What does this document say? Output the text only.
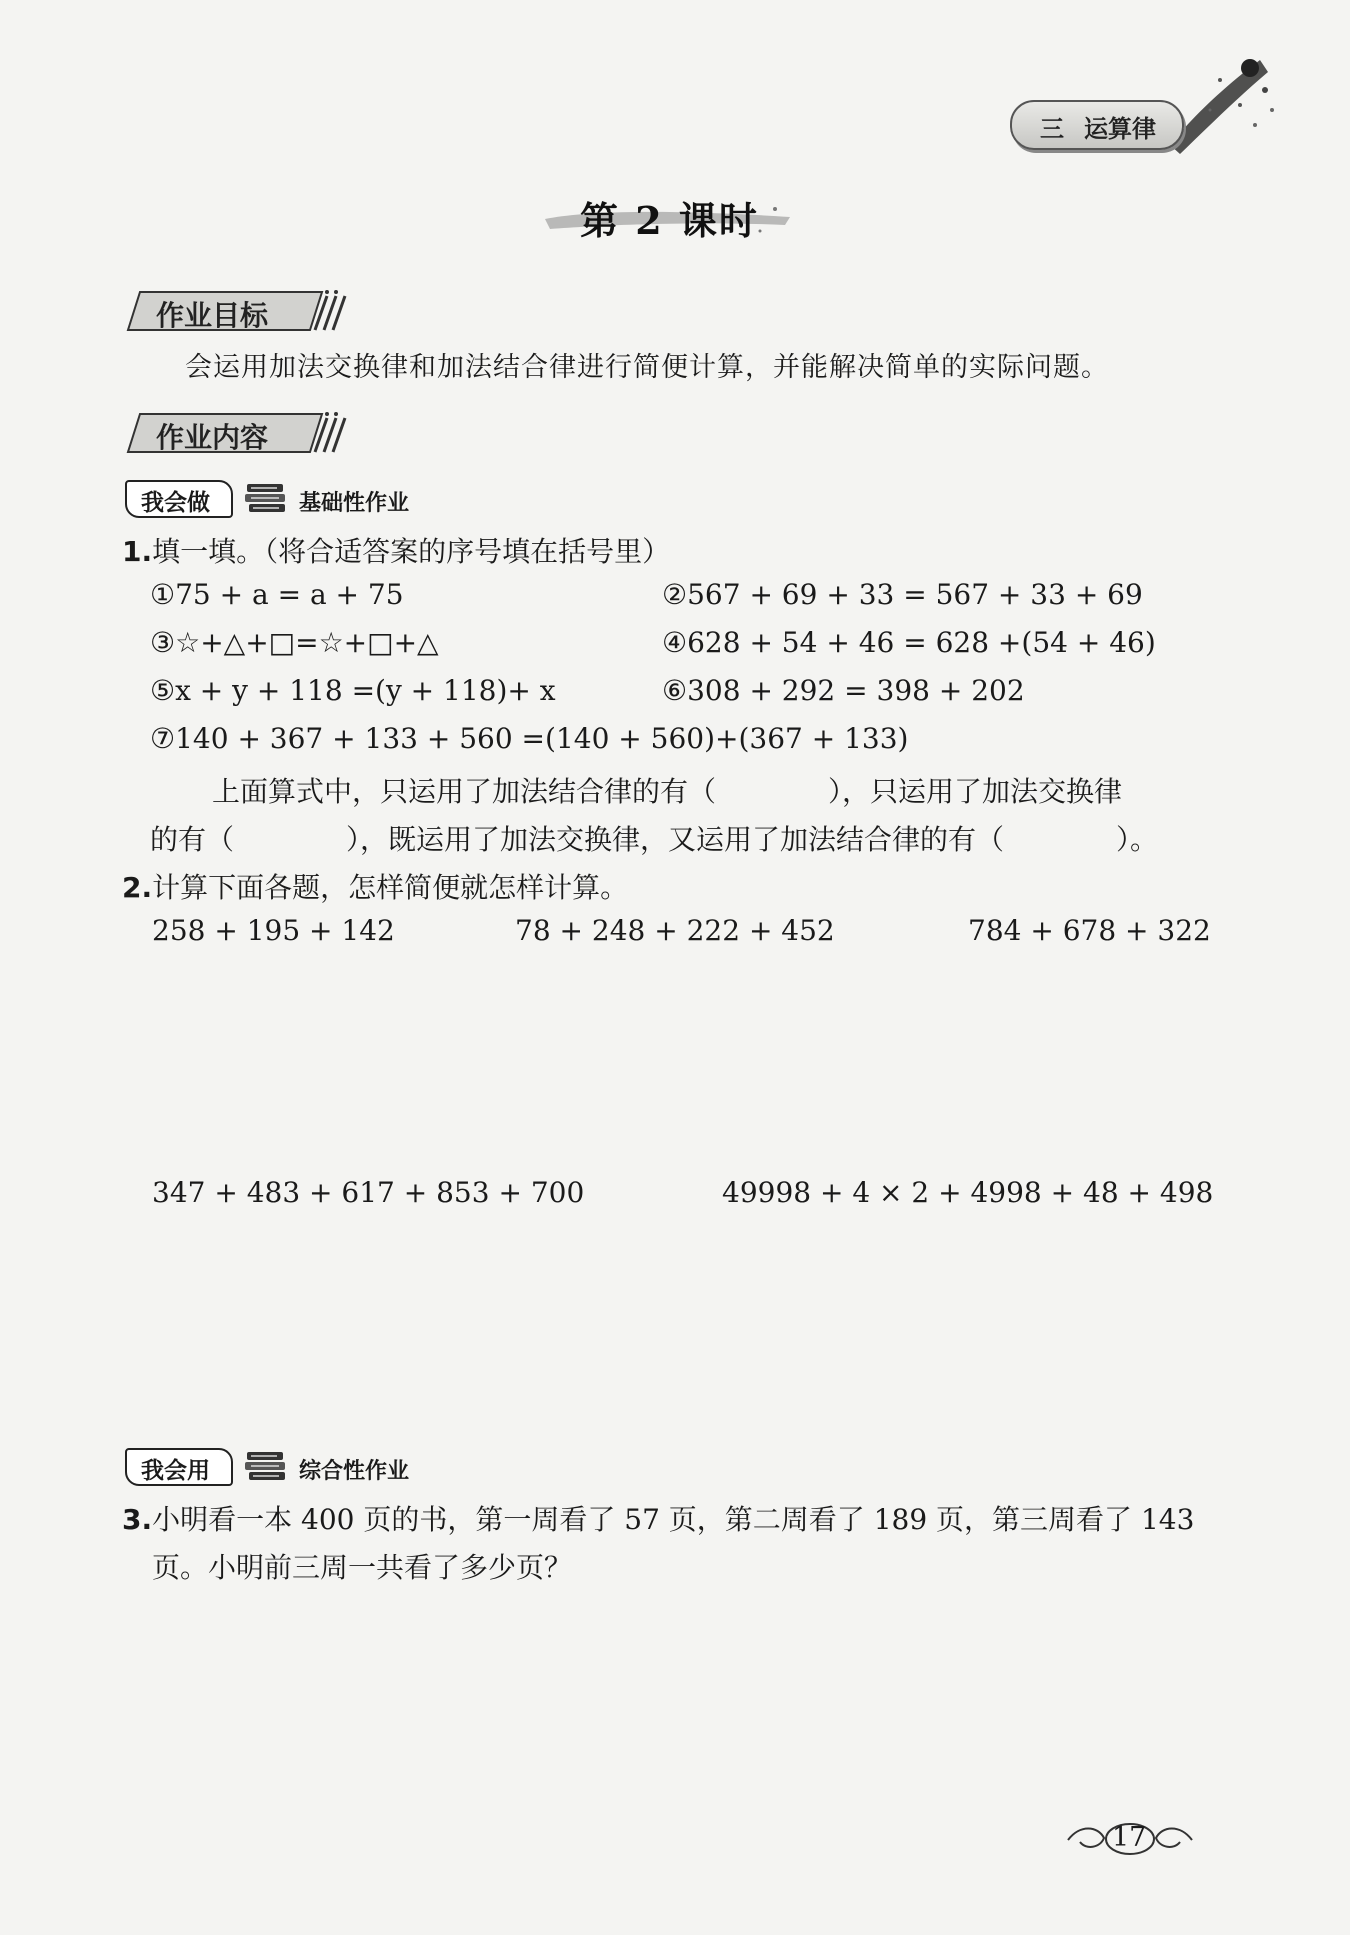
三 运算律
第 2 课时
作业目标
会运用加法交换律和加法结合律进行简便计算，并能解决简单的实际问题。
作业内容
我会做	基础性作业
1.填一填。（将合适答案的序号填在括号里）
①75 + a = a + 75	②567 + 69 + 33 = 567 + 33 + 69
③☆+△+□=☆+□+△	④628 + 54 + 46 = 628 +(54 + 46)
⑤x + y + 118 =(y + 118)+ x	⑥308 + 292 = 398 + 202
⑦140 + 367 + 133 + 560 =(140 + 560)+(367 + 133)
上面算式中，只运用了加法结合律的有（　　　　），只运用了加法交换律
的有（　　　　），既运用了加法交换律，又运用了加法结合律的有（　　　　）。
2.计算下面各题，怎样简便就怎样计算。
258 + 195 + 142	78 + 248 + 222 + 452	784 + 678 + 322
347 + 483 + 617 + 853 + 700	49998 + 4 × 2 + 4998 + 48 + 498
我会用	综合性作业
3.小明看一本 400 页的书，第一周看了 57 页，第二周看了 189 页，第三周看了 143
页。小明前三周一共看了多少页？
17
